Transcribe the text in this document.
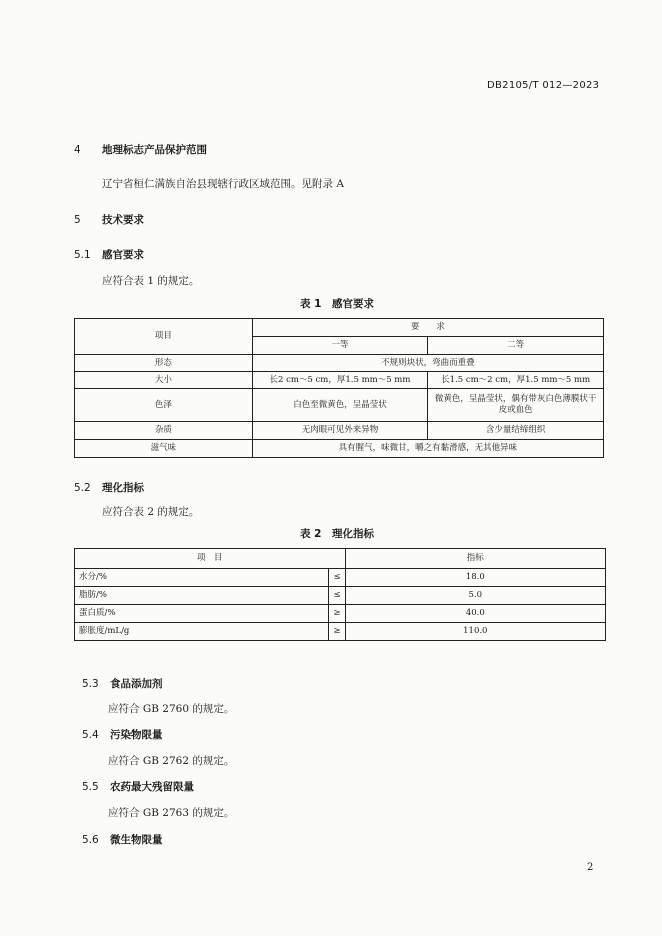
DB2105/T 012—2023
4 地理标志产品保护范围
辽宁省桓仁满族自治县现辖行政区域范围。见附录 A
5 技术要求
5.1 感官要求
应符合表 1 的规定。
表 1　感官要求
项目	要　　求	
	一等	二等
形态	不规则块状，弯曲而重叠	
大小	长2 cm～5 cm，厚1.5 mm～5 mm	长1.5 cm～2 cm，厚1.5 mm～5 mm
色泽	白色至微黄色，呈晶莹状	微黄色，呈晶莹状，偶有带灰白色薄膜状干皮或血色
杂质	无肉眼可见外来异物	含少量结缔组织
滋气味	具有腥气，味微甘，嚼之有黏滑感，无其他异味	
5.2 理化指标
应符合表 2 的规定。
表 2　理化指标
项　目		指标
水分/%	≤	18.0
脂肪/%	≤	5.0
蛋白质/%	≥	40.0
膨胀度/mL/g	≥	110.0
5.3 食品添加剂
应符合 GB 2760 的规定。
5.4 污染物限量
应符合 GB 2762 的规定。
5.5 农药最大残留限量
应符合 GB 2763 的规定。
5.6 微生物限量
2
